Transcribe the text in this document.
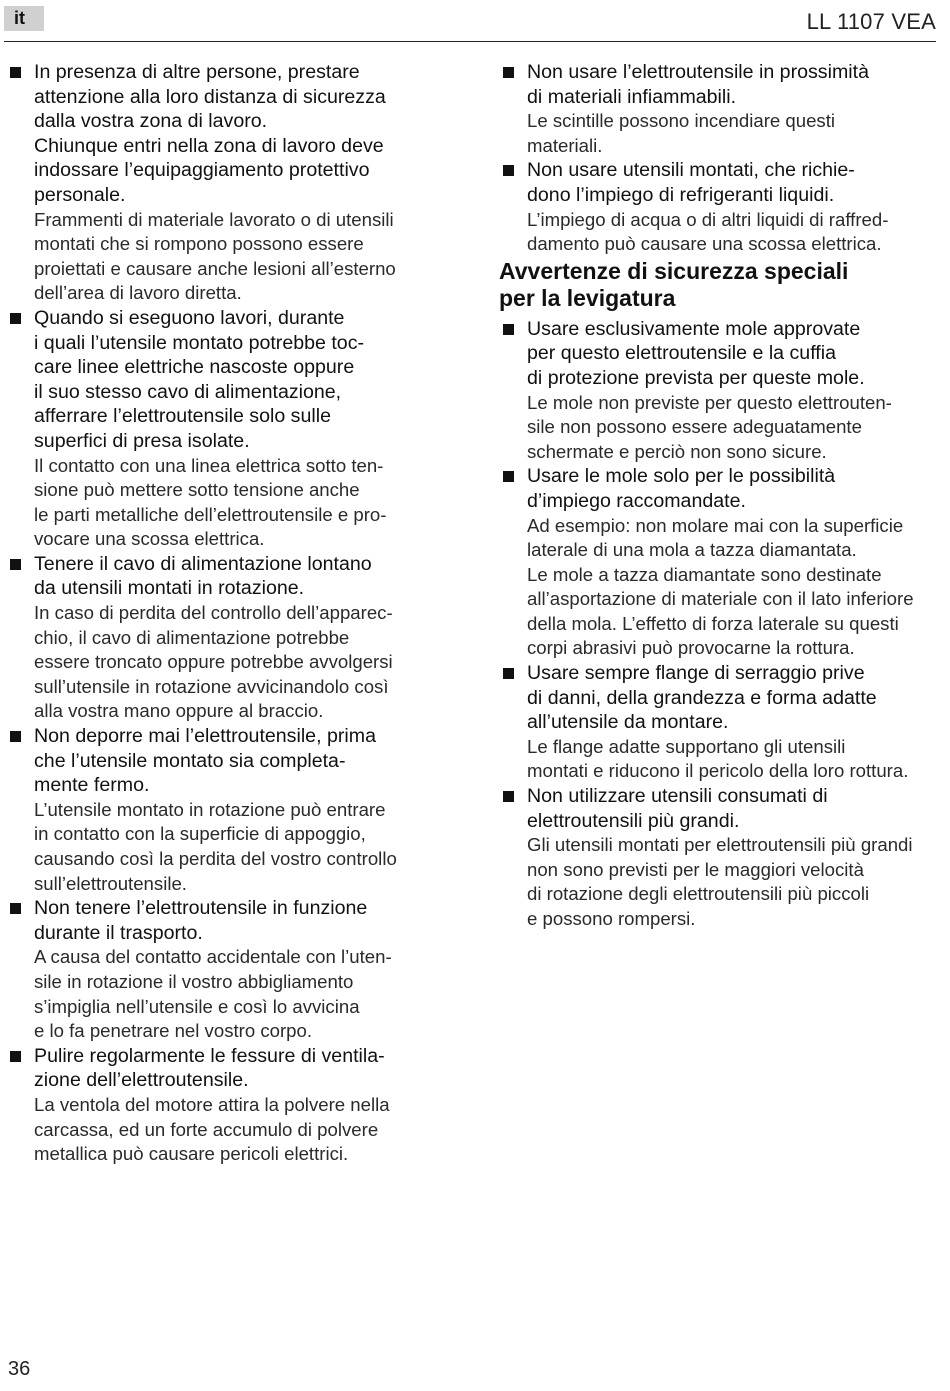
it	LL 1107 VEA

In presenza di altre persone, prestare
attenzione alla loro distanza di sicurezza
dalla vostra zona di lavoro.
Chiunque entri nella zona di lavoro deve
indossare l’equipaggiamento protettivo
personale.

Frammenti di materiale lavorato o di utensili
montati che si rompono possono essere
proiettati e causare anche lesioni all’esterno
dell’area di lavoro diretta.

Quando si eseguono lavori, durante
i quali l’utensile montato potrebbe toc-
care linee elettriche nascoste oppure
il suo stesso cavo di alimentazione,
afferrare l’elettroutensile solo sulle
superfici di presa isolate.

Il contatto con una linea elettrica sotto ten-
sione può mettere sotto tensione anche
le parti metalliche dell’elettroutensile e pro-
vocare una scossa elettrica.

Tenere il cavo di alimentazione lontano
da utensili montati in rotazione.

In caso di perdita del controllo dell’apparec-
chio, il cavo di alimentazione potrebbe
essere troncato oppure potrebbe avvolgersi
sull’utensile in rotazione avvicinandolo così
alla vostra mano oppure al braccio.

Non deporre mai l’elettroutensile, prima
che l’utensile montato sia completa-
mente fermo.

L’utensile montato in rotazione può entrare
in contatto con la superficie di appoggio,
causando così la perdita del vostro controllo
sull’elettroutensile.

Non tenere l’elettroutensile in funzione
durante il trasporto.

A causa del contatto accidentale con l’uten-
sile in rotazione il vostro abbigliamento
s’impiglia nell’utensile e così lo avvicina
e lo fa penetrare nel vostro corpo.

Pulire regolarmente le fessure di ventila-
zione dell’elettroutensile.

La ventola del motore attira la polvere nella
carcassa, ed un forte accumulo di polvere
metallica può causare pericoli elettrici.

Non usare l’elettroutensile in prossimità
di materiali infiammabili.

Le scintille possono incendiare questi
materiali.

Non usare utensili montati, che richie-
dono l’impiego di refrigeranti liquidi.

L’impiego di acqua o di altri liquidi di raffred-
damento può causare una scossa elettrica.

Avvertenze di sicurezza speciali
per la levigatura

Usare esclusivamente mole approvate
per questo elettroutensile e la cuffia
di protezione prevista per queste mole.

Le mole non previste per questo elettrouten-
sile non possono essere adeguatamente
schermate e perciò non sono sicure.

Usare le mole solo per le possibilità
d’impiego raccomandate.

Ad esempio: non molare mai con la superficie
laterale di una mola a tazza diamantata.
Le mole a tazza diamantate sono destinate
all’asportazione di materiale con il lato inferiore
della mola. L’effetto di forza laterale su questi
corpi abrasivi può provocarne la rottura.

Usare sempre flange di serraggio prive
di danni, della grandezza e forma adatte
all’utensile da montare.

Le flange adatte supportano gli utensili
montati e riducono il pericolo della loro rottura.

Non utilizzare utensili consumati di
elettroutensili più grandi.

Gli utensili montati per elettroutensili più grandi
non sono previsti per le maggiori velocità
di rotazione degli elettroutensili più piccoli
e possono rompersi.

36
